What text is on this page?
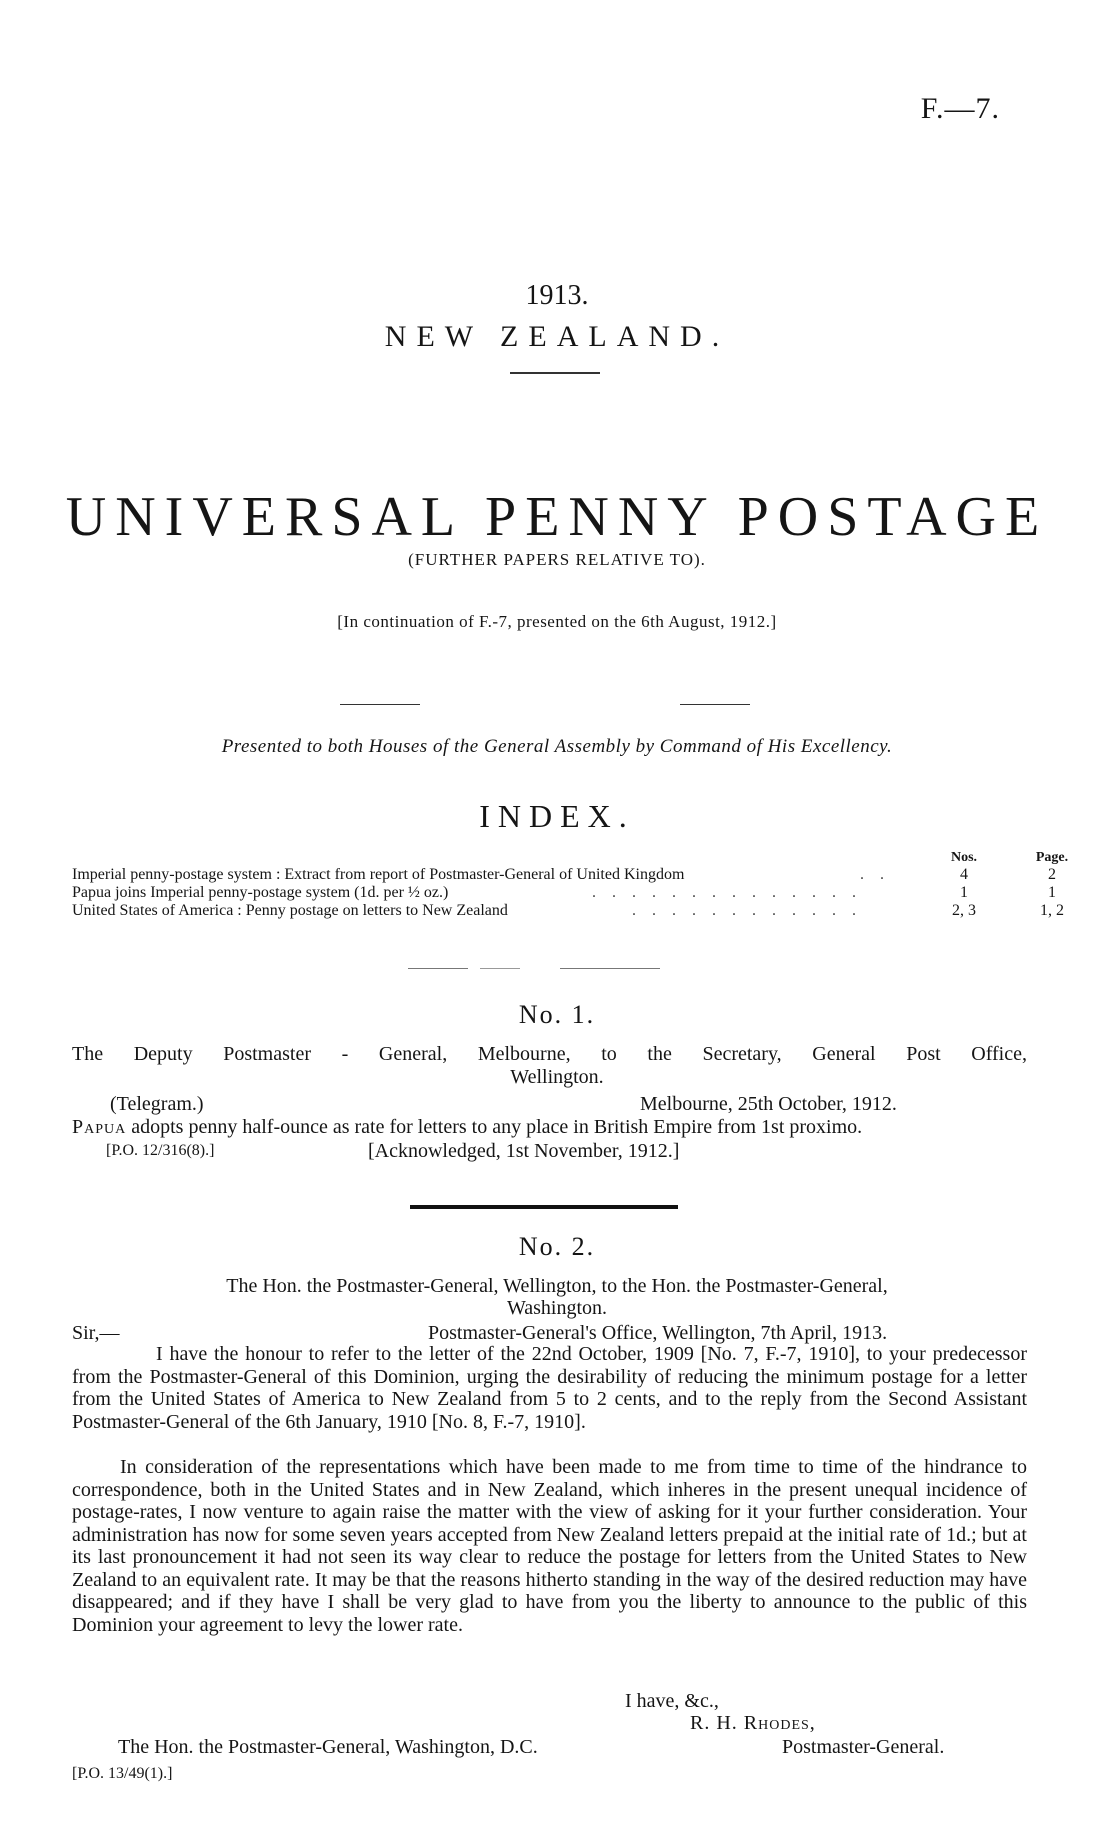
F.—7.
1913.
NEW ZEALAND.
UNIVERSAL PENNY POSTAGE
(FURTHER PAPERS RELATIVE TO).
[In continuation of F.-7, presented on the 6th August, 1912.]
Presented to both Houses of the General Assembly by Command of His Excellency.
INDEX.
Nos.	Page.
Imperial penny-postage system : Extract from report of Postmaster-General of United Kingdom	. .	4	2
Papua joins Imperial penny-postage system (1d. per ½ oz.)	. . . . . . . . . . . . . .	1	1
United States of America : Penny postage on letters to New Zealand	. . . . . . . . . . . .	2, 3	1, 2
No. 1.
The Deputy Postmaster - General, Melbourne, to the Secretary, General Post Office,
Wellington.
(Telegram.)	Melbourne, 25th October, 1912.
Papua adopts penny half-ounce as rate for letters to any place in British Empire from 1st proximo.
[P.O. 12/316(8).]	[Acknowledged, 1st November, 1912.]
No. 2.
The Hon. the Postmaster-General, Wellington, to the Hon. the Postmaster-General,
Washington.
Sir,—	Postmaster-General's Office, Wellington, 7th April, 1913.
I have the honour to refer to the letter of the 22nd October, 1909 [No. 7, F.-7, 1910], to your predecessor from the Postmaster-General of this Dominion, urging the desirability of reducing the minimum postage for a letter from the United States of America to New Zealand from 5 to 2 cents, and to the reply from the Second Assistant Postmaster-General of the 6th January, 1910 [No. 8, F.-7, 1910].
In consideration of the representations which have been made to me from time to time of the hindrance to correspondence, both in the United States and in New Zealand, which inheres in the present unequal incidence of postage-rates, I now venture to again raise the matter with the view of asking for it your further consideration. Your administration has now for some seven years accepted from New Zealand letters prepaid at the initial rate of 1d.; but at its last pronouncement it had not seen its way clear to reduce the postage for letters from the United States to New Zealand to an equivalent rate. It may be that the reasons hitherto standing in the way of the desired reduction may have disappeared; and if they have I shall be very glad to have from you the liberty to announce to the public of this Dominion your agreement to levy the lower rate.
I have, &c.,
R. H. Rhodes,
The Hon. the Postmaster-General, Washington, D.C.	Postmaster-General.
[P.O. 13/49(1).]
